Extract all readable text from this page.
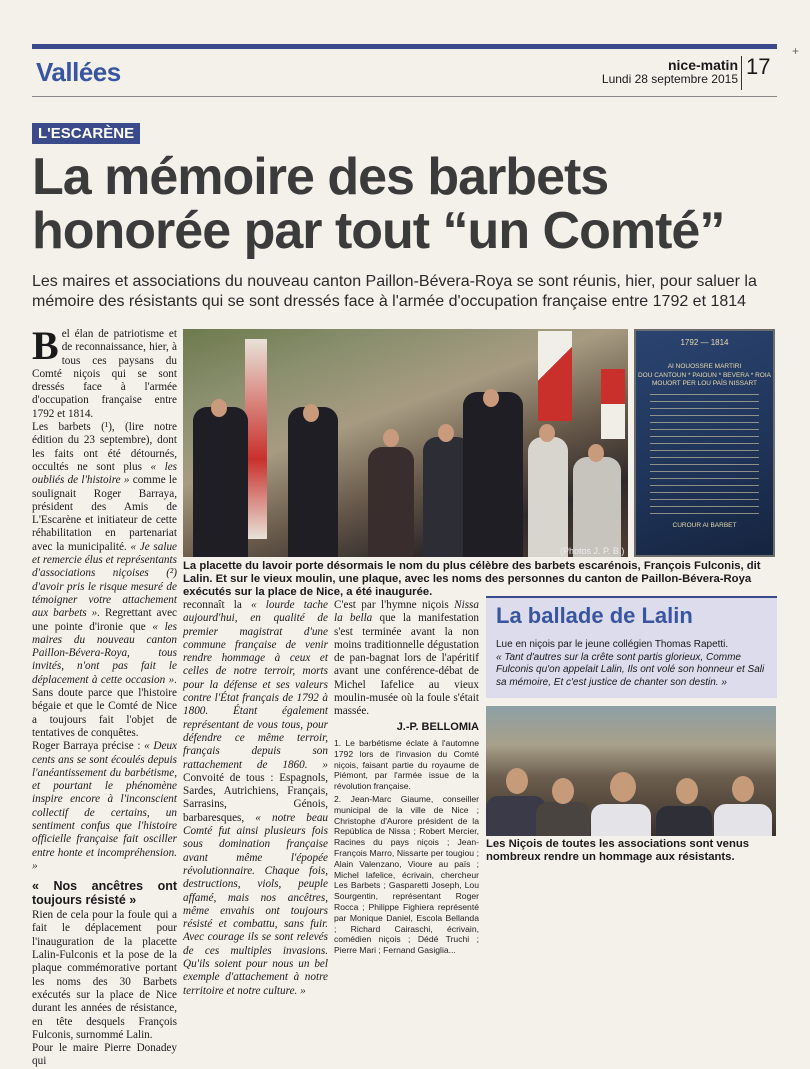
+
Vallées	nice-matin
Lundi 28 septembre 2015 17
L'ESCARÈNE
La mémoire des barbets
honorée par tout “un Comté”
Les maires et associations du nouveau canton Paillon-Bévera-Roya se sont réunis, hier, pour saluer la mémoire des résistants qui se sont dressés face à l'armée d'occupation française entre 1792 et 1814

Bel élan de patriotisme et de reconnaissance, hier, à tous ces paysans du Comté niçois qui se sont dressés face à l'armée d'occupation française entre 1792 et 1814.

Les barbets (¹), (lire notre édition du 23 septembre), dont les faits ont été détournés, occultés ne sont plus « les oubliés de l'histoire » comme le soulignait Roger Barraya, président des Amis de L'Escarène et initiateur de cette réhabilitation en partenariat avec la municipalité. « Je salue et remercie élus et représentants d'associations niçoises (²) d'avoir pris le risque mesuré de témoigner votre attachement aux barbets ». Regrettant avec une pointe d'ironie que « les maires du nouveau canton Paillon-Bévera-Roya, tous invités, n'ont pas fait le déplacement à cette occasion ». Sans doute parce que l'histoire bégaie et que le Comté de Nice a toujours fait l'objet de tentatives de conquêtes.

Roger Barraya précise : « Deux cents ans se sont écoulés depuis l'anéantissement du barbétisme, et pourtant le phénomène inspire encore à l'inconscient collectif de certains, un sentiment confus que l'histoire officielle française fait osciller entre honte et incompréhension. »

« Nos ancêtres ont toujours résisté »

Rien de cela pour la foule qui a fait le déplacement pour l'inauguration de la placette Lalin-Fulconis et la pose de la plaque commémorative portant les noms des 30 Barbets exécutés sur la place de Nice durant les années de résistance, en tête desquels François Fulconis, surnommé Lalin.

Pour le maire Pierre Donadey qui

(Photos J. P. B.)
1792 — 1814
AI NOUOSSRE MARTIRI
DOU CANTOUN * PAIOUN * BEVERA * ROIA
MOUORT PER LOU PAÏS NISSART
CUROUR AI BARBET
La placette du lavoir porte désormais le nom du plus célèbre des barbets escarénois, François Fulconis, dit Lalin. Et sur le vieux moulin, une plaque, avec les noms des personnes du canton de Paillon-Bévera-Roya exécutés sur la place de Nice, a été inaugurée.

reconnaît la « lourde tache aujourd'hui, en qualité de premier magistrat d'une commune française de venir rendre hommage à ceux et celles de notre terroir, morts pour la défense et ses valeurs contre l'État français de 1792 à 1800. Étant également représentant de vous tous, pour défendre ce même terroir, français depuis son rattachement de 1860. » Convoité de tous : Espagnols, Sardes, Autrichiens, Français, Sarrasins, Génois, barbaresques, « notre beau Comté fut ainsi plusieurs fois sous domination française avant même l'épopée révolutionnaire. Chaque fois, destructions, viols, peuple affamé, mais nos ancêtres, même envahis ont toujours résisté et combattu, sans fuir. Avec courage ils se sont relevés de ces multiples invasions. Qu'ils soient pour nous un bel exemple d'attachement à notre territoire et notre culture. »

C'est par l'hymne niçois Nissa la bella que la manifestation s'est terminée avant la non moins traditionnelle dégustation de pan-bagnat lors de l'apéritif avant une conférence-débat de Michel Iafelice au vieux moulin-musée où la foule s'était massée.

J.-P. BELLOMIA
1. Le barbétisme éclate à l'automne 1792 lors de l'invasion du Comté niçois, faisant partie du royaume de Piémont, par l'armée issue de la révolution française.
2. Jean-Marc Giaume, conseiller municipal de la ville de Nice ; Christophe d'Aurore président de la República de Nissa ; Robert Mercier, Racines du pays niçois ; Jean-François Marro, Nissarte per tougiou ; Alain Valenzano, Vioure au païs ; Michel Iafelice, écrivain, chercheur Les Barbets ; Gasparetti Joseph, Lou Sourgentin, représentant Roger Rocca ; Philippe Fighiera représenté par Monique Daniel, Escola Bellanda ; Richard Cairaschi, écrivain, comédien niçois ; Dédé Truchi ; Pierre Mari ; Fernand Gasiglia...
La ballade de Lalin
Lue en niçois par le jeune collégien Thomas Rapetti.
« Tant d'autres sur la crête sont partis glorieux, Comme Fulconis qu'on appelait Lalin, Ils ont volé son honneur et Sali sa mémoire, Et c'est justice de chanter son destin. »
Les Niçois de toutes les associations sont venus nombreux rendre un hommage aux résistants.
